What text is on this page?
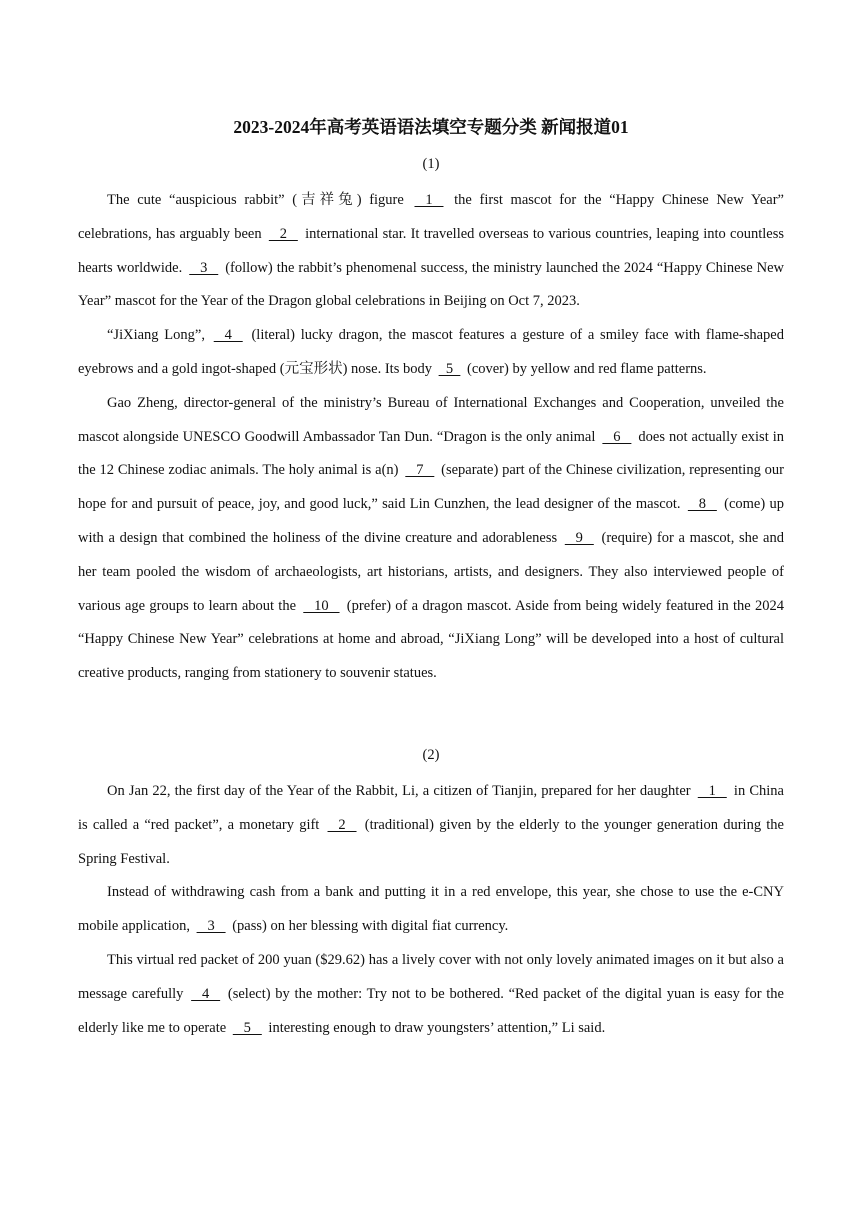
2023-2024年高考英语语法填空专题分类 新闻报道01
(1)

The cute “auspicious rabbit” (吉祥兔) figure    1    the first mascot for the “Happy Chinese New Year” celebrations, has arguably been    2    international star. It travelled overseas to various countries, leaping into countless hearts worldwide.    3    (follow) the rabbit’s phenomenal success, the ministry launched the 2024 “Happy Chinese New Year” mascot for the Year of the Dragon global celebrations in Beijing on Oct 7, 2023.

“JiXiang Long”,    4    (literal) lucky dragon, the mascot features a gesture of a smiley face with flame-shaped eyebrows and a gold ingot-shaped (元宝形状) nose. Its body   5   (cover) by yellow and red flame patterns.

Gao Zheng, director-general of the ministry’s Bureau of International Exchanges and Cooperation, unveiled the mascot alongside UNESCO Goodwill Ambassador Tan Dun. “Dragon is the only animal    6    does not actually exist in the 12 Chinese zodiac animals. The holy animal is a(n)    7    (separate) part of the Chinese civilization, representing our hope for and pursuit of peace, joy, and good luck,” said Lin Cunzhen, the lead designer of the mascot.    8    (come) up with a design that combined the holiness of the divine creature and adorableness    9    (require) for a mascot, she and her team pooled the wisdom of archaeologists, art historians, artists, and designers. They also interviewed people of various age groups to learn about the    10    (prefer) of a dragon mascot. Aside from being widely featured in the 2024 “Happy Chinese New Year” celebrations at home and abroad, “JiXiang Long” will be developed into a host of cultural creative products, ranging from stationery to souvenir statues.

(2)

On Jan 22, the first day of the Year of the Rabbit, Li, a citizen of Tianjin, prepared for her daughter    1    in China is called a “red packet”, a monetary gift    2    (traditional) given by the elderly to the younger generation during the Spring Festival.

Instead of withdrawing cash from a bank and putting it in a red envelope, this year, she chose to use the e-CNY mobile application,    3    (pass) on her blessing with digital fiat currency.

This virtual red packet of 200 yuan ($29.62) has a lively cover with not only lovely animated images on it but also a message carefully    4    (select) by the mother: Try not to be bothered. “Red packet of the digital yuan is easy for the elderly like me to operate    5    interesting enough to draw youngsters’ attention,” Li said.
